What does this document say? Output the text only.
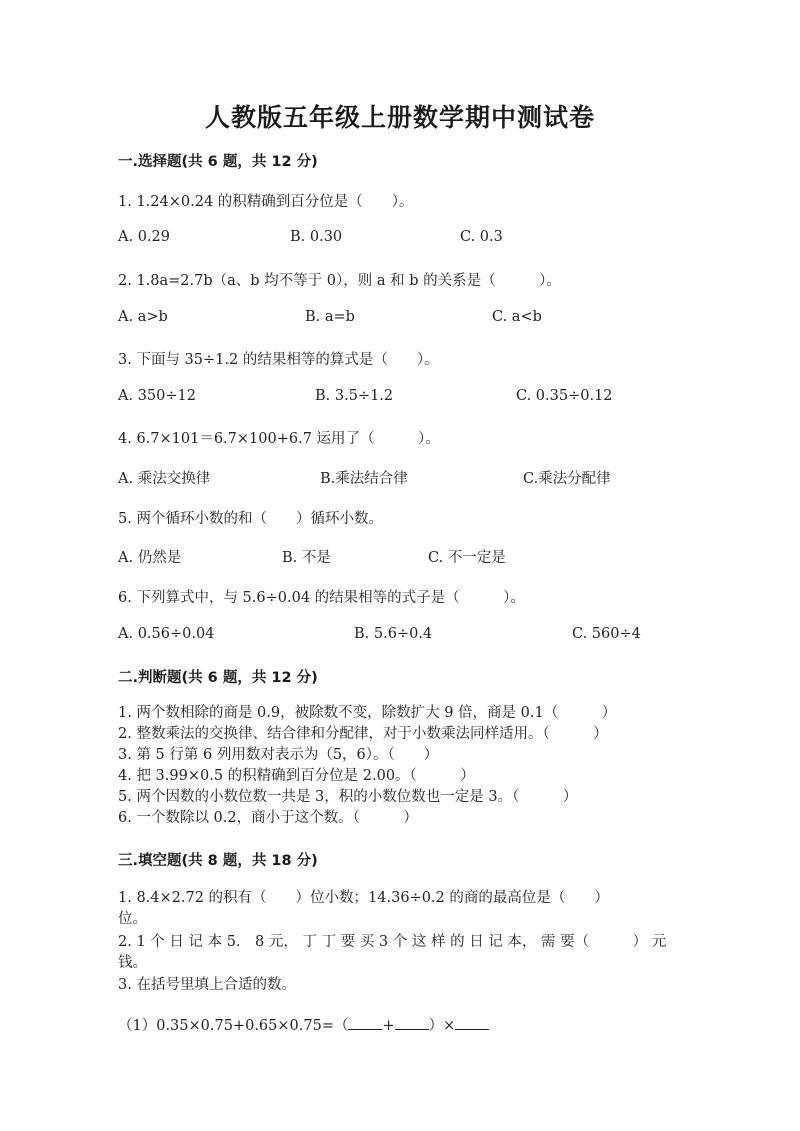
人教版五年级上册数学期中测试卷
一.选择题(共 6 题，共 12 分)
1. 1.24×0.24 的积精确到百分位是（　　）。
A. 0.29	B. 0.30	C. 0.3
2. 1.8a=2.7b（a、b 均不等于 0），则 a 和 b 的关系是（　　　）。
A. a>b	B. a=b	C. a<b
3. 下面与 35÷1.2 的结果相等的算式是（　　）。
A. 350÷12	B. 3.5÷1.2	C. 0.35÷0.12
4. 6.7×101＝6.7×100+6.7 运用了（　　　）。
A. 乘法交换律	B.乘法结合律	C.乘法分配律
5. 两个循环小数的和（　　）循环小数。
A. 仍然是	B. 不是	C. 不一定是
6. 下列算式中，与 5.6÷0.04 的结果相等的式子是（　　　）。
A. 0.56÷0.04	B. 5.6÷0.4	C. 560÷4
二.判断题(共 6 题，共 12 分)
1. 两个数相除的商是 0.9，被除数不变，除数扩大 9 倍，商是 0.1（　　　）
2. 整数乘法的交换律、结合律和分配律，对于小数乘法同样适用。（　　　）
3. 第 5 行第 6 列用数对表示为（5，6）。（　　）
4. 把 3.99×0.5 的积精确到百分位是 2.00。（　　　）
5. 两个因数的小数位数一共是 3，积的小数位数也一定是 3。（　　　）
6. 一个数除以 0.2，商小于这个数。（　　　）
三.填空题(共 8 题，共 18 分)
1. 8.4×2.72 的积有（　　）位小数；14.36÷0.2 的商的最高位是（　　）
位。
2. 1 个 日 记 本 5． 8 元， 丁 丁 要 买 3 个 这 样 的 日 记 本， 需 要（　　　） 元
钱。
3. 在括号里填上合适的数。
（1）0.35×0.75+0.65×0.75=（ + ）×
